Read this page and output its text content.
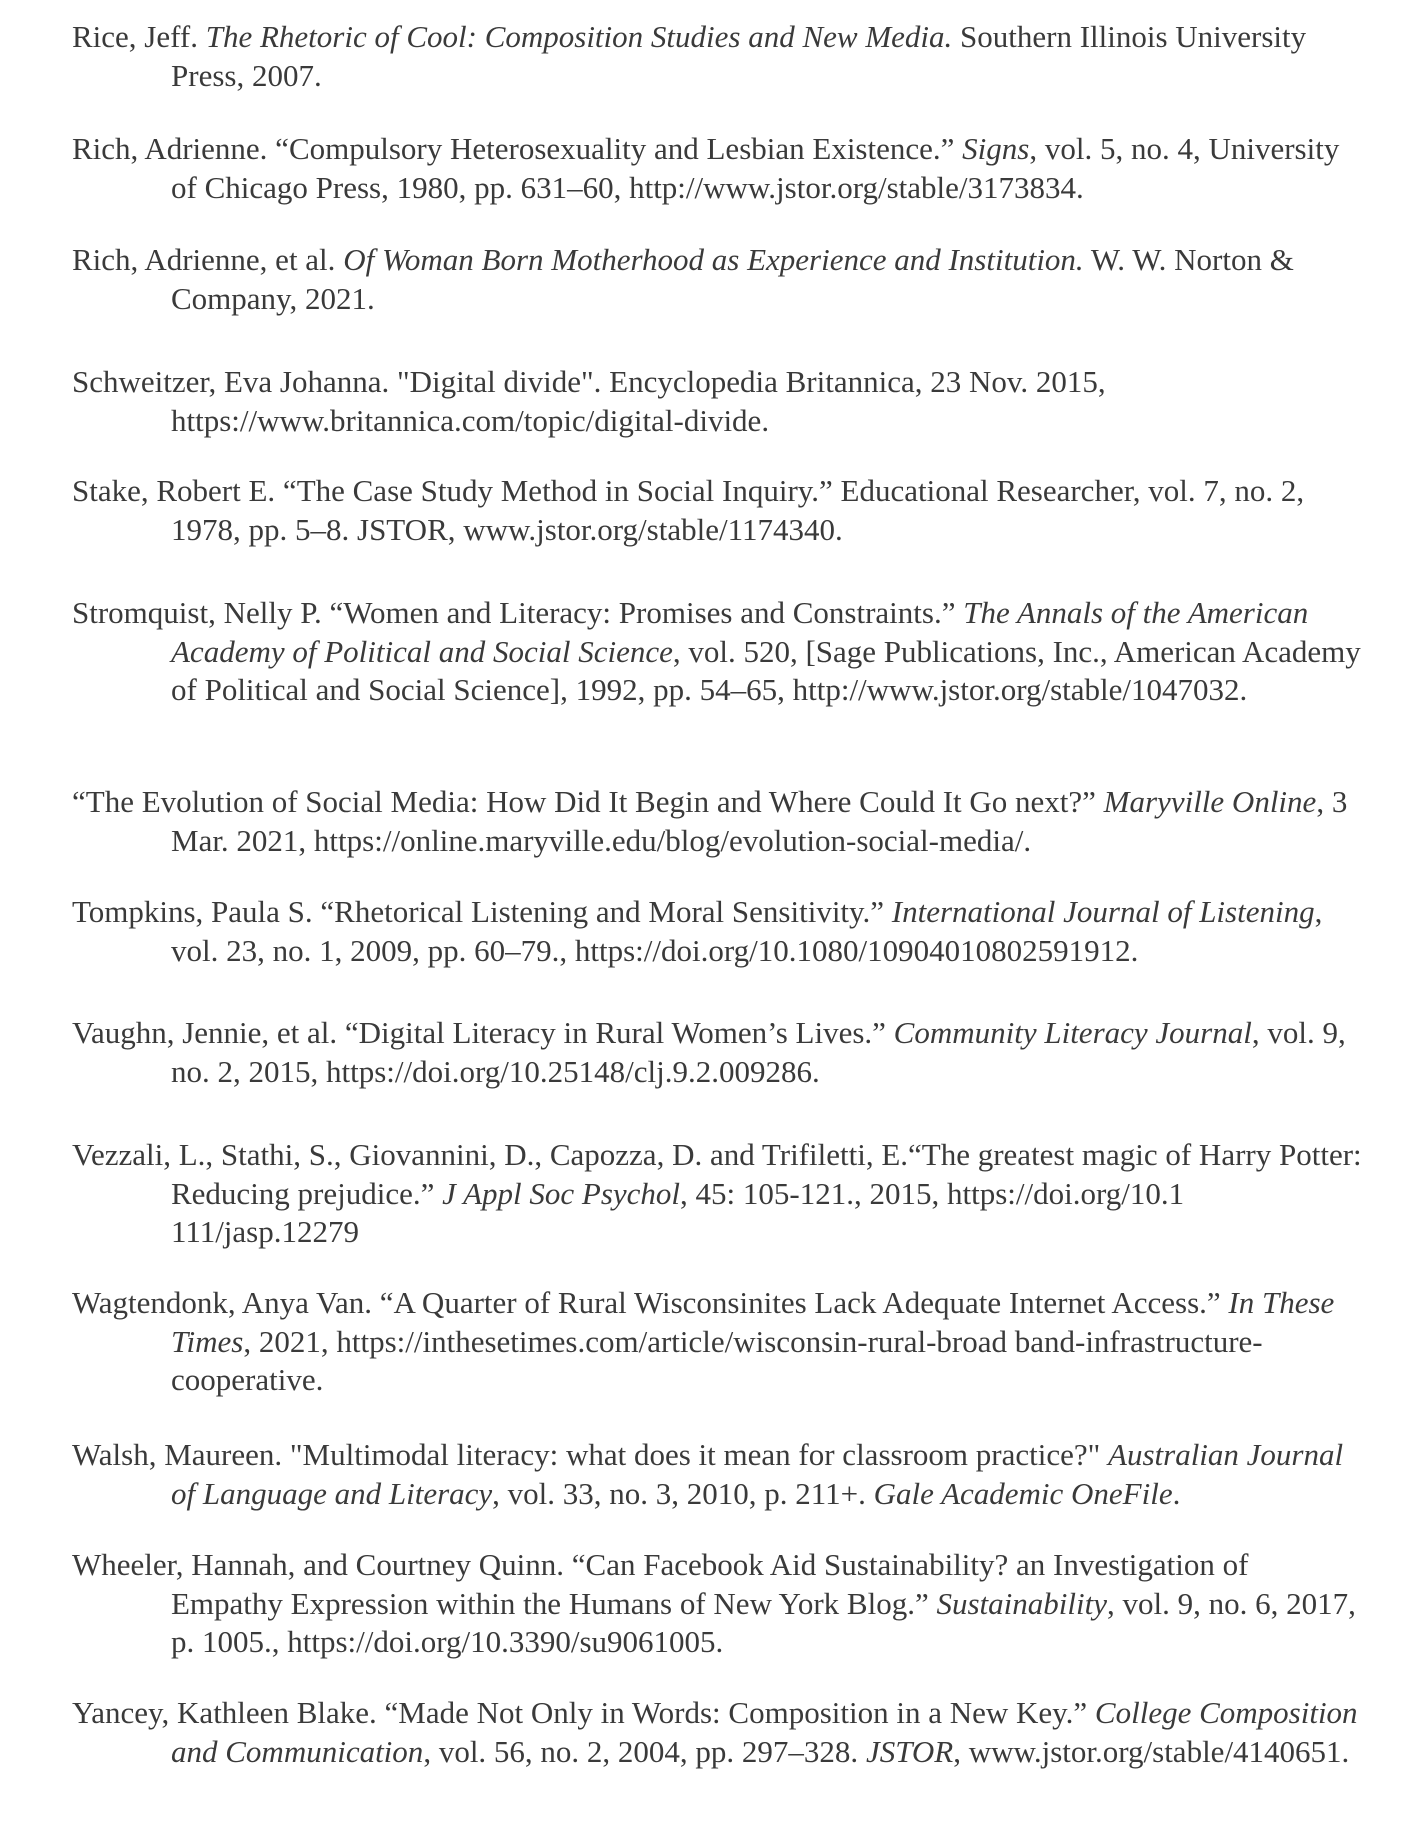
Rice, Jeff. The Rhetoric of Cool: Composition Studies and New Media. Southern Illinois University Press, 2007.
Rich, Adrienne. “Compulsory Heterosexuality and Lesbian Existence.” Signs, vol. 5, no. 4, University of Chicago Press, 1980, pp. 631–60, http://www.jstor.org/stable/3173834.
Rich, Adrienne, et al. Of Woman Born Motherhood as Experience and Institution. W. W. Norton & Company, 2021.
Schweitzer, Eva Johanna. "Digital divide". Encyclopedia Britannica, 23 Nov. 2015, https://www.britannica.com/topic/digital-divide.
Stake, Robert E. “The Case Study Method in Social Inquiry.” Educational Researcher, vol. 7, no. 2, 1978, pp. 5–8. JSTOR, www.jstor.org/stable/1174340.
Stromquist, Nelly P. “Women and Literacy: Promises and Constraints.” The Annals of the American Academy of Political and Social Science, vol. 520, [Sage Publications, Inc., American Academy of Political and Social Science], 1992, pp. 54–65, http://www.jstor.org/stable/1047032.
“The Evolution of Social Media: How Did It Begin and Where Could It Go next?” Maryville Online, 3 Mar. 2021, https://online.maryville.edu/blog/evolution-social-media/.
Tompkins, Paula S. “Rhetorical Listening and Moral Sensitivity.” International Journal of Listening, vol. 23, no. 1, 2009, pp. 60–79., https://doi.org/10.1080/10904010802591912.
Vaughn, Jennie, et al. “Digital Literacy in Rural Women’s Lives.” Community Literacy Journal, vol. 9, no. 2, 2015, https://doi.org/10.25148/clj.9.2.009286.
Vezzali, L., Stathi, S., Giovannini, D., Capozza, D. and Trifiletti, E.“The greatest magic of Harry Potter: Reducing prejudice.” J Appl Soc Psychol, 45: 105-121., 2015, https://doi.org/10.1 111/jasp.12279
Wagtendonk, Anya Van. “A Quarter of Rural Wisconsinites Lack Adequate Internet Access.” In These Times, 2021, https://inthesetimes.com/article/wisconsin-rural-broad band-infrastructure-cooperative.
Walsh, Maureen. "Multimodal literacy: what does it mean for classroom practice?" Australian Journal of Language and Literacy, vol. 33, no. 3, 2010, p. 211+. Gale Academic OneFile.
Wheeler, Hannah, and Courtney Quinn. “Can Facebook Aid Sustainability? an Investigation of Empathy Expression within the Humans of New York Blog.” Sustainability, vol. 9, no. 6, 2017, p. 1005., https://doi.org/10.3390/su9061005.
Yancey, Kathleen Blake. “Made Not Only in Words: Composition in a New Key.” College Composition and Communication, vol. 56, no. 2, 2004, pp. 297–328. JSTOR, www.jstor.org/stable/4140651.
